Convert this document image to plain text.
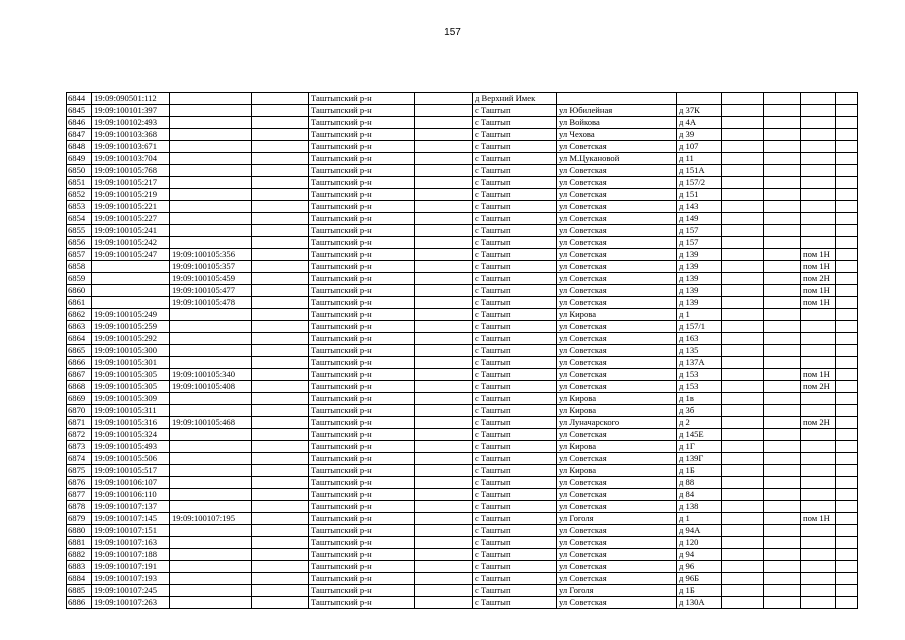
157
6844	19:09:090501:112			Таштыпский р-н		д Верхний Имек						
6845	19:09:100101:397			Таштыпский р-н		с Таштып	ул Юбилейная	д 37К				
6846	19:09:100102:493			Таштыпский р-н		с Таштып	ул Войкова	д 4А				
6847	19:09:100103:368			Таштыпский р-н		с Таштып	ул Чехова	д 39				
6848	19:09:100103:671			Таштыпский р-н		с Таштып	ул Советская	д 107				
6849	19:09:100103:704			Таштыпский р-н		с Таштып	ул М.Цукановой	д 11				
6850	19:09:100105:768			Таштыпский р-н		с Таштып	ул Советская	д 151А				
6851	19:09:100105:217			Таштыпский р-н		с Таштып	ул Советская	д 157/2				
6852	19:09:100105:219			Таштыпский р-н		с Таштып	ул Советская	д 151				
6853	19:09:100105:221			Таштыпский р-н		с Таштып	ул Советская	д 143				
6854	19:09:100105:227			Таштыпский р-н		с Таштып	ул Советская	д 149				
6855	19:09:100105:241			Таштыпский р-н		с Таштып	ул Советская	д 157				
6856	19:09:100105:242			Таштыпский р-н		с Таштып	ул Советская	д 157				
6857	19:09:100105:247	19:09:100105:356		Таштыпский р-н		с Таштып	ул Советская	д 139			пом 1Н	
6858		19:09:100105:357		Таштыпский р-н		с Таштып	ул Советская	д 139			пом 1Н	
6859		19:09:100105:459		Таштыпский р-н		с Таштып	ул Советская	д 139			пом 2Н	
6860		19:09:100105:477		Таштыпский р-н		с Таштып	ул Советская	д 139			пом 1Н	
6861		19:09:100105:478		Таштыпский р-н		с Таштып	ул Советская	д 139			пом 1Н	
6862	19:09:100105:249			Таштыпский р-н		с Таштып	ул Кирова	д 1				
6863	19:09:100105:259			Таштыпский р-н		с Таштып	ул Советская	д 157/1				
6864	19:09:100105:292			Таштыпский р-н		с Таштып	ул Советская	д 163				
6865	19:09:100105:300			Таштыпский р-н		с Таштып	ул Советская	д 135				
6866	19:09:100105:301			Таштыпский р-н		с Таштып	ул Советская	д 137А				
6867	19:09:100105:305	19:09:100105:340		Таштыпский р-н		с Таштып	ул Советская	д 153			пом 1Н	
6868	19:09:100105:305	19:09:100105:408		Таштыпский р-н		с Таштып	ул Советская	д 153			пом 2Н	
6869	19:09:100105:309			Таштыпский р-н		с Таштып	ул Кирова	д 1в				
6870	19:09:100105:311			Таштыпский р-н		с Таштып	ул Кирова	д 3б				
6871	19:09:100105:316	19:09:100105:468		Таштыпский р-н		с Таштып	ул Луначарского	д 2			пом 2Н	
6872	19:09:100105:324			Таштыпский р-н		с Таштып	ул Советская	д 145Е				
6873	19:09:100105:493			Таштыпский р-н		с Таштып	ул Кирова	д 1Г				
6874	19:09:100105:506			Таштыпский р-н		с Таштып	ул Советская	д 139Г				
6875	19:09:100105:517			Таштыпский р-н		с Таштып	ул Кирова	д 1Б				
6876	19:09:100106:107			Таштыпский р-н		с Таштып	ул Советская	д 88				
6877	19:09:100106:110			Таштыпский р-н		с Таштып	ул Советская	д 84				
6878	19:09:100107:137			Таштыпский р-н		с Таштып	ул Советская	д 138				
6879	19:09:100107:145	19:09:100107:195		Таштыпский р-н		с Таштып	ул Гоголя	д 1			пом 1Н	
6880	19:09:100107:151			Таштыпский р-н		с Таштып	ул Советская	д 94А				
6881	19:09:100107:163			Таштыпский р-н		с Таштып	ул Советская	д 120				
6882	19:09:100107:188			Таштыпский р-н		с Таштып	ул Советская	д 94				
6883	19:09:100107:191			Таштыпский р-н		с Таштып	ул Советская	д 96				
6884	19:09:100107:193			Таштыпский р-н		с Таштып	ул Советская	д 96Б				
6885	19:09:100107:245			Таштыпский р-н		с Таштып	ул Гоголя	д 1Б				
6886	19:09:100107:263			Таштыпский р-н		с Таштып	ул Советская	д 130А				
